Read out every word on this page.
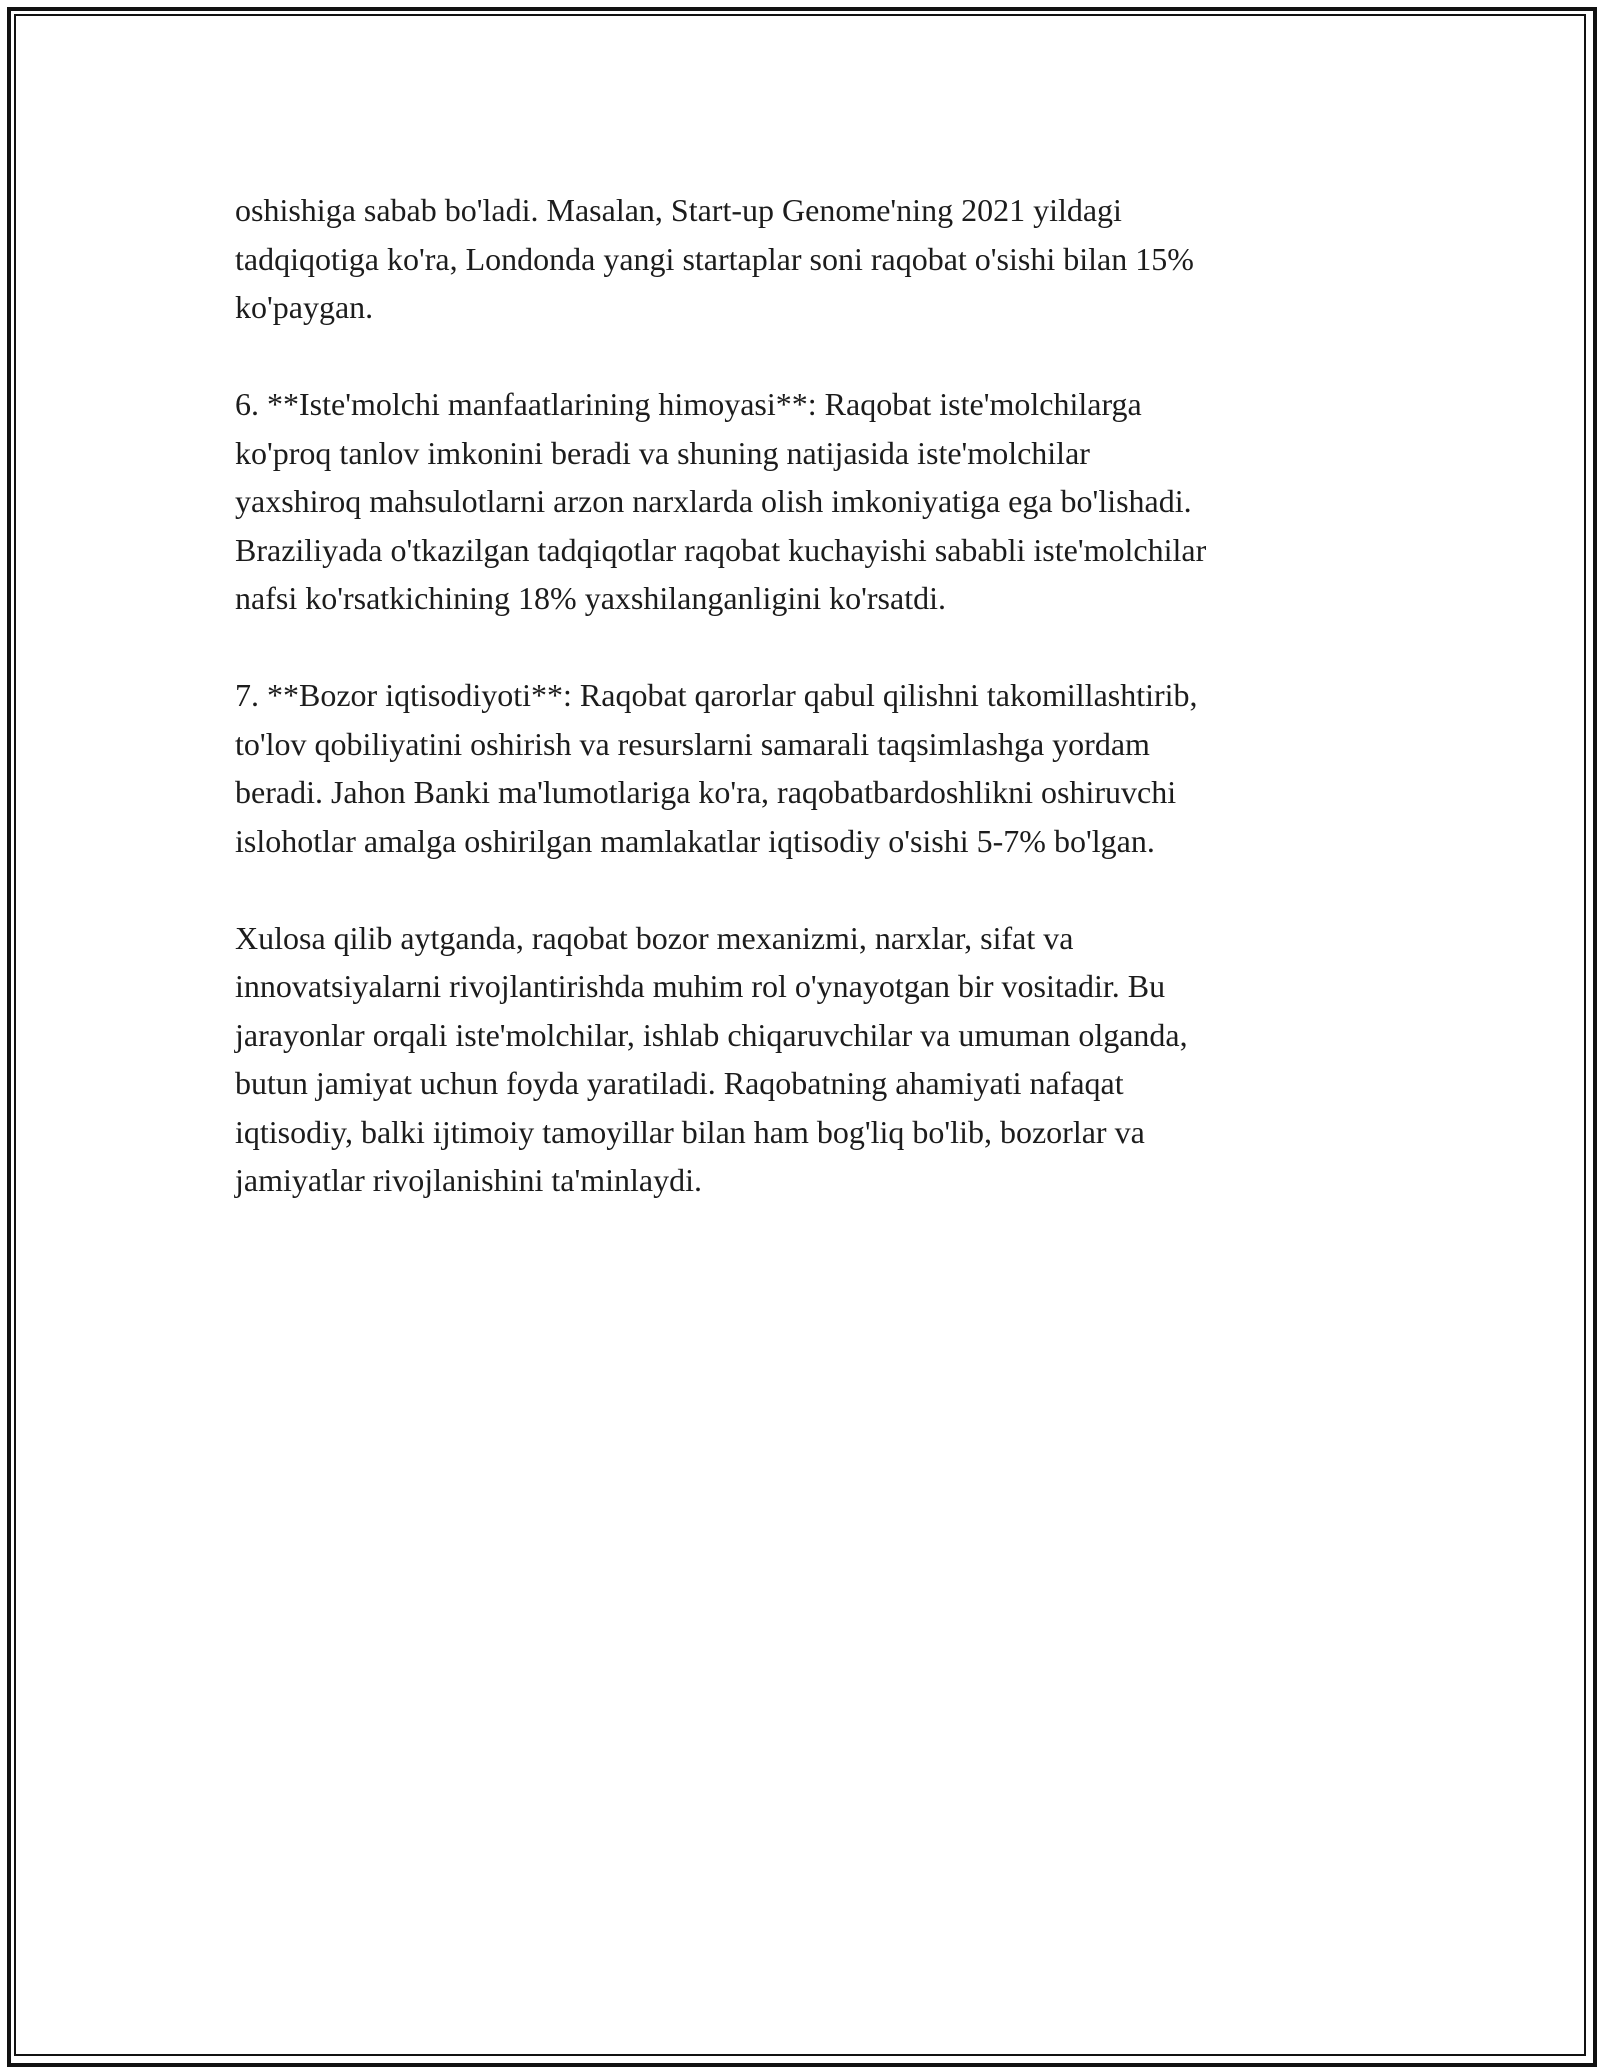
oshishiga sabab bo'ladi. Masalan, Start-up Genome'ning 2021 yildagi
tadqiqotiga ko'ra, Londonda yangi startaplar soni raqobat o'sishi bilan 15%
ko'paygan.

6. **Iste'molchi manfaatlarining himoyasi**: Raqobat iste'molchilarga
ko'proq tanlov imkonini beradi va shuning natijasida iste'molchilar
yaxshiroq mahsulotlarni arzon narxlarda olish imkoniyatiga ega bo'lishadi.
Braziliyada o'tkazilgan tadqiqotlar raqobat kuchayishi sababli iste'molchilar
nafsi ko'rsatkichining 18% yaxshilanganligini ko'rsatdi.

7. **Bozor iqtisodiyoti**: Raqobat qarorlar qabul qilishni takomillashtirib,
to'lov qobiliyatini oshirish va resurslarni samarali taqsimlashga yordam
beradi. Jahon Banki ma'lumotlariga ko'ra, raqobatbardoshlikni oshiruvchi
islohotlar amalga oshirilgan mamlakatlar iqtisodiy o'sishi 5-7% bo'lgan.

Xulosa qilib aytganda, raqobat bozor mexanizmi, narxlar, sifat va
innovatsiyalarni rivojlantirishda muhim rol o'ynayotgan bir vositadir. Bu
jarayonlar orqali iste'molchilar, ishlab chiqaruvchilar va umuman olganda,
butun jamiyat uchun foyda yaratiladi. Raqobatning ahamiyati nafaqat
iqtisodiy, balki ijtimoiy tamoyillar bilan ham bog'liq bo'lib, bozorlar va
jamiyatlar rivojlanishini ta'minlaydi.
